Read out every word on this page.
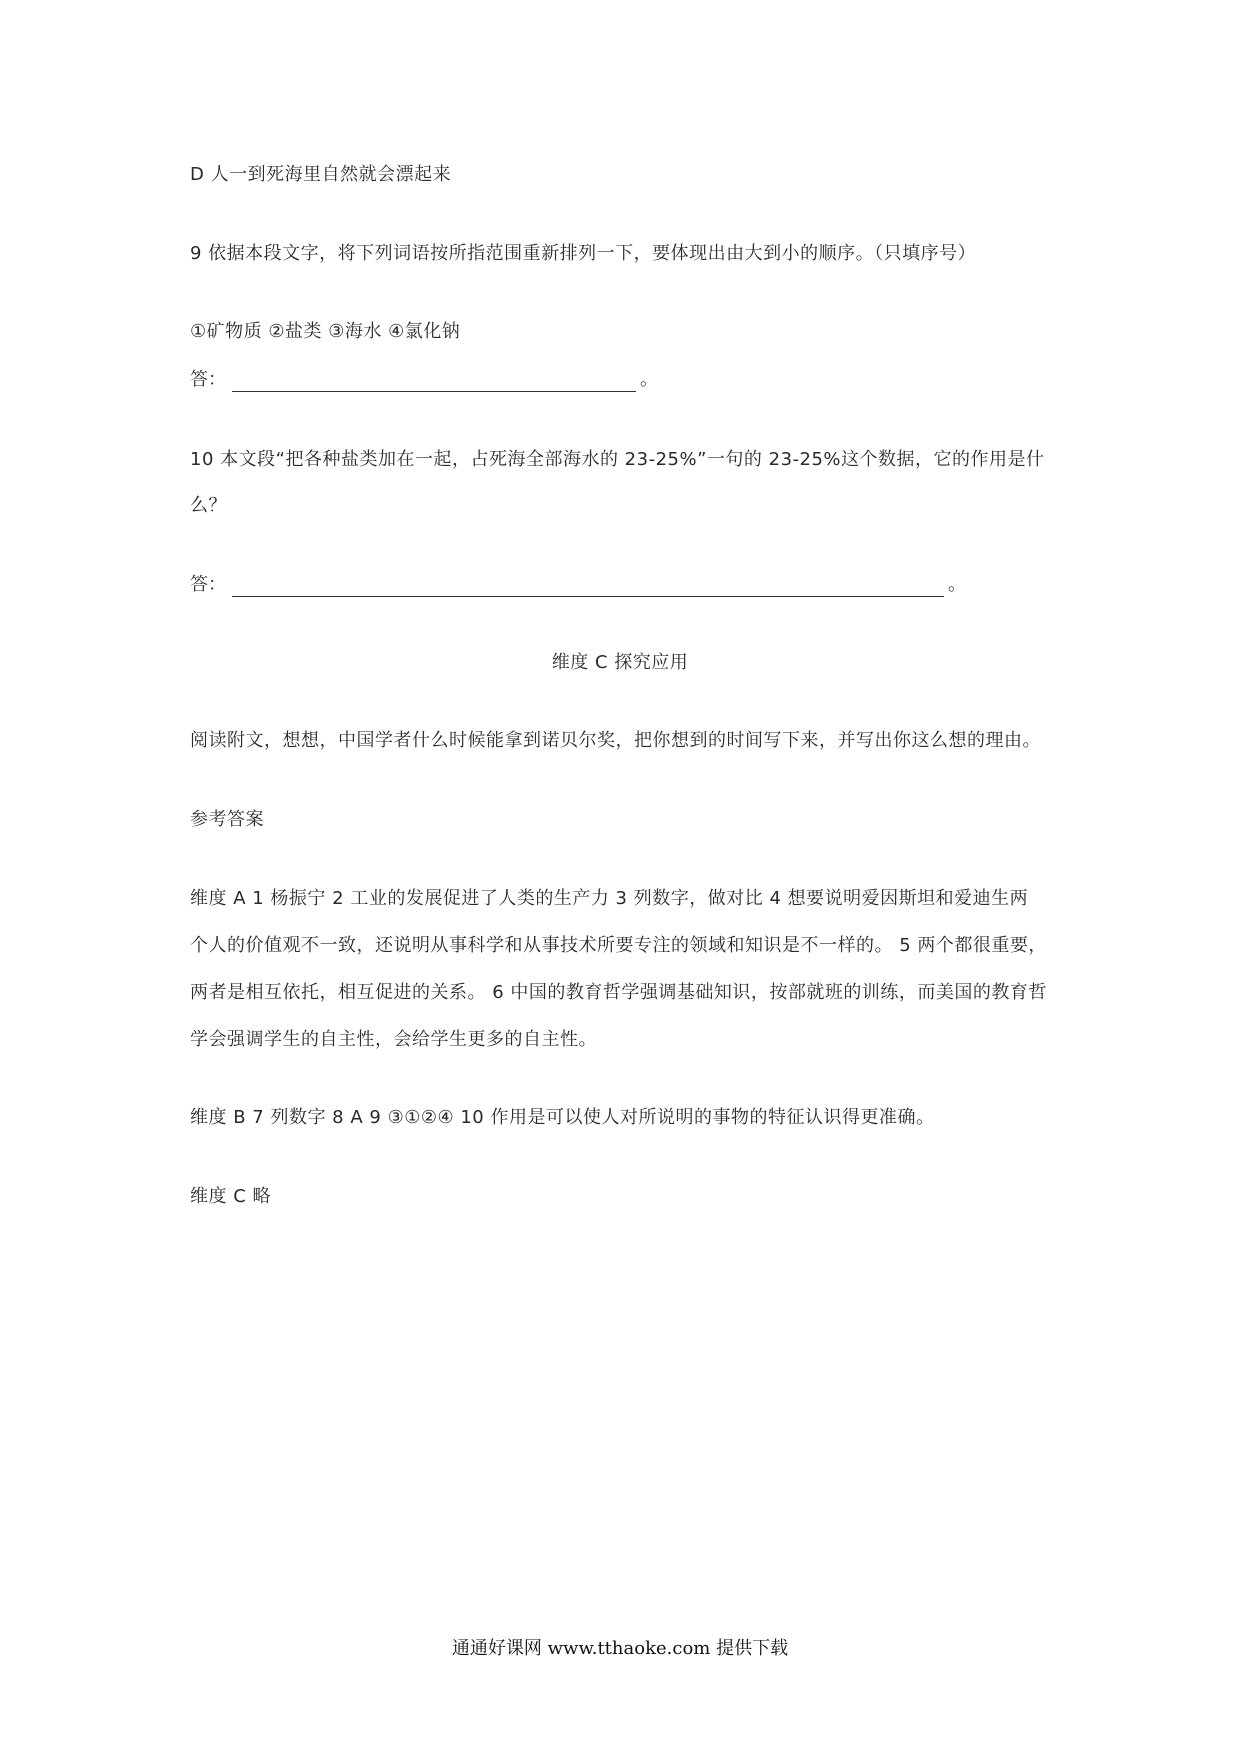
D 人一到死海里自然就会漂起来
9 依据本段文字，将下列词语按所指范围重新排列一下，要体现出由大到小的顺序。（只填序号）
①矿物质 ②盐类 ③海水 ④氯化钠
答：	。
10 本文段“把各种盐类加在一起，占死海全部海水的 23-25%”一句的 23-25%这个数据，它的作用是什
么？
答：	。
维度 C 探究应用
阅读附文，想想，中国学者什么时候能拿到诺贝尔奖，把你想到的时间写下来，并写出你这么想的理由。
参考答案
维度 A 1 杨振宁 2 工业的发展促进了人类的生产力 3 列数字，做对比 4 想要说明爱因斯坦和爱迪生两
个人的价值观不一致，还说明从事科学和从事技术所要专注的领域和知识是不一样的。 5 两个都很重要，
两者是相互依托，相互促进的关系。 6 中国的教育哲学强调基础知识，按部就班的训练，而美国的教育哲
学会强调学生的自主性，会给学生更多的自主性。
维度 B 7 列数字 8 A 9 ③①②④ 10 作用是可以使人对所说明的事物的特征认识得更准确。
维度 C 略
通通好课网 www.tthaoke.com 提供下载
